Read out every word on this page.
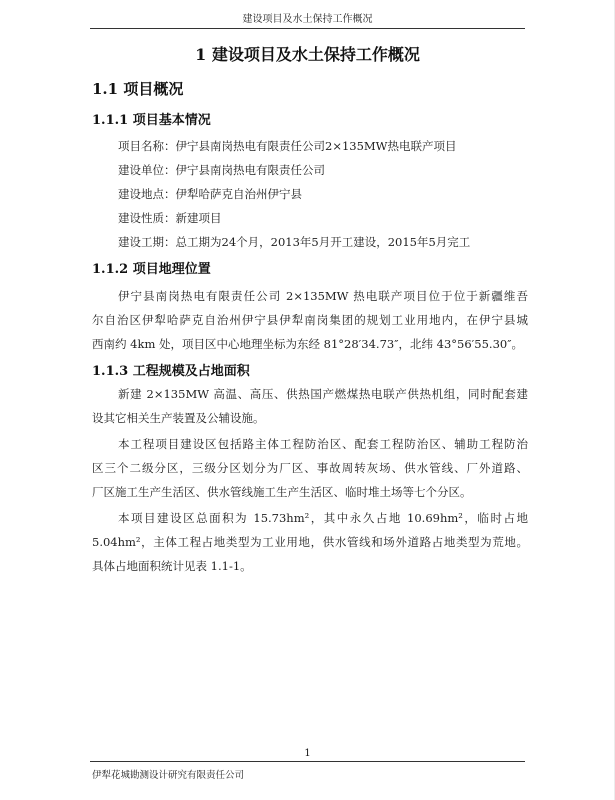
建设项目及水土保持工作概况
1 建设项目及水土保持工作概况
1.1 项目概况
1.1.1 项目基本情况
项目名称：伊宁县南岗热电有限责任公司2×135MW热电联产项目
建设单位：伊宁县南岗热电有限责任公司
建设地点：伊犁哈萨克自治州伊宁县
建设性质：新建项目
建设工期：总工期为24个月，2013年5月开工建设，2015年5月完工
1.1.2 项目地理位置
伊宁县南岗热电有限责任公司 2×135MW 热电联产项目位于位于新疆维吾
尔自治区伊犁哈萨克自治州伊宁县伊犁南岗集团的规划工业用地内，在伊宁县城
西南约 4km 处，项目区中心地理坐标为东经 81°28′34.73″，北纬 43°56′55.30″。
1.1.3 工程规模及占地面积
新建 2×135MW 高温、高压、供热国产燃煤热电联产供热机组，同时配套建
设其它相关生产装置及公辅设施。
本工程项目建设区包括路主体工程防治区、配套工程防治区、辅助工程防治
区三个二级分区，三级分区划分为厂区、事故周转灰场、供水管线、厂外道路、
厂区施工生产生活区、供水管线施工生产生活区、临时堆土场等七个分区。
本项目建设区总面积为 15.73hm²，其中永久占地 10.69hm²，临时占地
5.04hm²，主体工程占地类型为工业用地，供水管线和场外道路占地类型为荒地。
具体占地面积统计见表 1.1-1。
1
伊犁花城勘测设计研究有限责任公司
